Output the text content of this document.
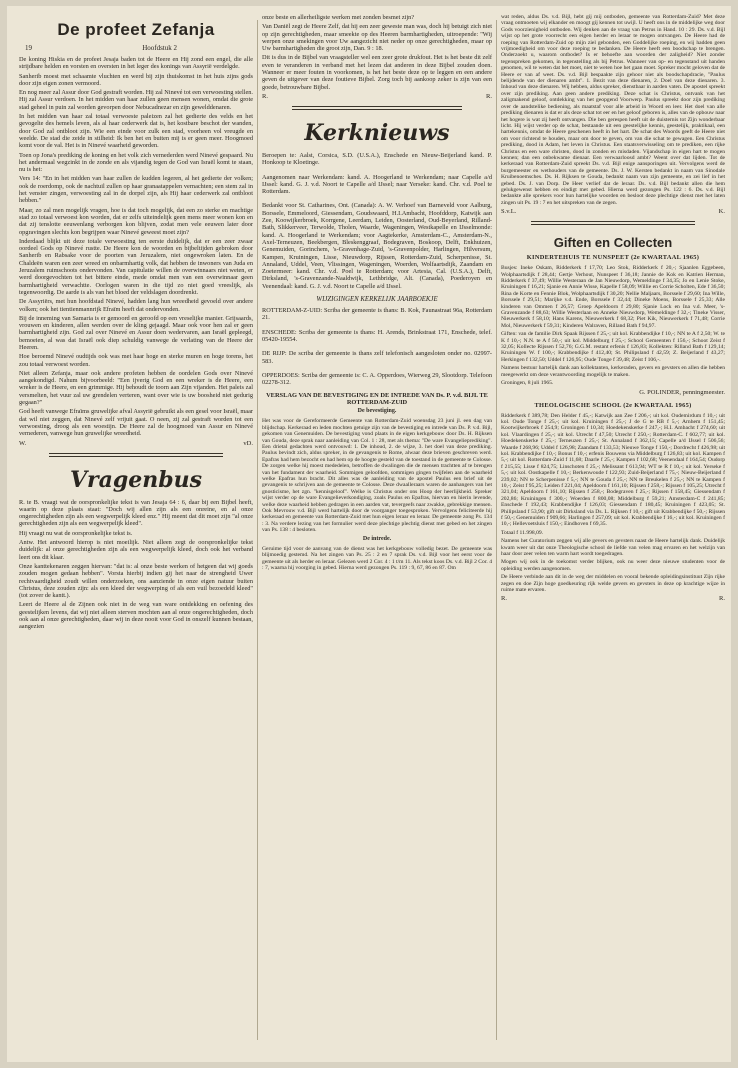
De profeet Zefanja
19	Hoofdstuk 2

De koning Hiskia en de profeet Jesaja baden tot de Heere en Hij zond een engel, die alle strijdbare helden en vorsten en oversten in het leger des konings van Assyrië verdelgde.

Sanherib moest met schaamte vluchten en werd bij zijn thuiskomst in het huis zijns gods door zijn eigen zonen vermoord.

En nog meer zal Assur door God gestraft worden. Hij zal Ninevé tot een verwoesting stellen. Hij zal Assur verdoen. In het midden van haar zullen geen mensen wonen, omdat die grote stad geheel in puin zal worden gevorpen door Nebucadnezar en zijn gewelddenaren.

In het midden van haar zal totaal verwoeste paleizen zal het gedierte des velds en het gevogelte des hemels leven, als al haar cederwerk dat is, het kostbare beschot der wanden, door God zal ontbloot zijn. Wie een einde voor zulk een stad, voorheen vol vreugde en weelde. De stad die zeide in stilheid: Ik ben het en buiten mij is er geen meer. Hoogmoed komt voor de val. Het is in Ninevé waarheid geworden.

Toen op Jona's prediking de koning en het volk zich vernederden werd Ninevé gespaard. Nu het andermaal wegzinkt in de zonde en als vijandig tegen de God van Israël komt te staan, nu is het:

Vers 14: "En in het midden van haar zullen de kudden legeren, al het gedierte der volken; ook de roerdomp, ook de nachtuil zullen op haar granaatappelen vernachten; een stem zal in het venster zingen, verwoesting zal in de dorpel zijn, als Hij haar cederwerk zal ontbloot hebben."

Maar, zo zal men mogelijk vragen, hoe is dat toch mogelijk, dat een zo sterke en machtige stad zo totaal verwoest kon worden, dat er zelfs uiteindelijk geen mens meer wonen kon en dat zij tenslotte eeuwenlang verborgen kon blijven, zodat men vele eeuwen later door opgravingen slechts kon begrijpen waar Ninevé geweest moet zijn?

Inderdaad blijkt uit deze totale verwoesting ten eerste duidelijk, dat er een zeer zwaar oordeel Gods op Ninevé rustte. De Heere kon de woorden en bijbeltijden gebroken door Sanherib en Rabsake voor de poorten van Jeruzalem, niet ongewroken laten. En de Chaldeën waren een zeer wreed en onbarmhartig volk, dat hebben de inwoners van Juda en Jeruzalem ruimschoots ondervonden. Van capitulatie willen de overwinnaars niet weten, er werd doorgevochten tot het bittere einde, mede omdat men van een overwinnaar geen barmhartigheid verwachtte. Oorlogen waren in die tijd zo niet goed vreeslijk, als tegenwoordig. De aarde is als van het bloed der veldslagen doordrenkt.

De Assyriërs, met hun hoofdstad Ninevé, hadden lang hun wreedheid gevoeld over andere volken; ook het tientienmannrijk Efraïm heeft dat ondervonden.

Bij de inneming van Samaria is er gemoord en geroofd op een vreselijke manier. Grijsaards, vrouwen en kinderen, allen werden over de kling gejaagd. Maar ook voor hen zal er geen barmhartigheid zijn. God zal over Ninevé en Assur doen wedervaren, aan Israël gepleegd, bemoeien, al was dat Israël ook diep schuldig vanwege de verlating van de Heere der Heeren.

Hoe beroemd Ninevé oudtijds ook was met haar hoge en sterke muren en hoge torens, het zou totaal verwoest worden.

Niet alleen Zefanja, maar ook andere profeten hebben de oordelen Gods over Ninevé aangekondigd. Nahum bijvoorbeeld: "Een ijverig God en een wreker is de Heere, een wreker is de Heere, en een grimmige. Hij behoudt de toorn aan Zijn vijanden. Het paleis zal versmelten, het vuur zal uw grendelen verteren, want over wie is uw boosheid niet gedurig gegaan?"

God heeft vanwege Efraïms gruwelijke afval Assyrië gebruikt als een gesel voor Israël, maar dat wil niet zeggen, dat Ninevé zelf vrijuit gaat. O neen, zij zal gestraft worden tot een verwoesting, droog als een woestijn. De Heere zal de hoogmoed van Assur en Ninevé vernederen, vanwege hun gruwelijke wreedheid.

W.	vD.
Vragenbus

R. te B. vraagt wat de oorspronkelijke tekst is van Jesaja 64 : 6, daar bij een Bijbel heeft, waarin op deze plaats staat: "Doch wij allen zijn als een onreine, en al onze ongerechtigheden zijn als een wegwerpelijk kleed enz." Hij meent dat dit moet zijn "al onze gerechtigheden zijn als een wegwerpelijk kleed".

Hij vraagt nu wat de oorspronkelijke tekst is.

Antw. Het antwoord hierop is niet moeilijk. Niet alleen zegt de oorspronkelijke tekst duidelijk: al onze gerechtigheden zijn als een wegwerpelijk kleed, doch ook het verband leert ons dit klaar.

Onze kanttekenaren zeggen hiervan: "dat is: al onze beste werken of hetgeen dat wij goeds zouden mogen gedaan hebben". Vorsta hierbij indien gij het naar de strengheid Uwer rechtvaardigheid zoudt willen onderzoeken, ons aanziende in onze eigen natuur buiten Christus, deze zouden zijn: als een kleed der wegwerping of als een vuil bezoedeld kleed" (tot zover de kantt.).

Leert de Heere al de Zijnen ook niet in de weg van ware ontdekking en oefening des geestelijken levens, dat wij niet alleen sterven mochten aan al onze ongerechtigheden, doch ook aan al onze gerechtigheden, daar wij in deze nooit voor God in onszelf kunnen bestaan, aangezien

onze beste en allerheiligste werken met zonden besmet zijn?

Van Daniël zegt de Heere Zelf, dat hij een zeer geweste man was, doch hij betuigt zich niet op zijn gerechtigheden, maar smeekte op des Heeren barmhartigheden, uitroepende: "Wij werpen onze smekingen voor Uw aangezicht niet neder op onze gerechtigheden, maar op Uw barmhartigheden die groot zijn, Dan. 9 : 18.

Dit is dus in de Bijbel van vraagsteller wel een zeer grote drukfout. Het is het beste dit zelf even te veranderen in verband met het lezen dat anderen in deze Bijbel zouden doen. Wanneer er meer fouten in voorkomen, is het het beste deze op te leggen en een andere geven de uitgever van deze foutieve Bijbel. Zorg toch bij aankoop zeker is zijn van een goede, betrouwbare Bijbel.

R.	R.
Kerknieuws

Beroepen te: Aalst, Corsica, S.D. (U.S.A.), Enschede en Nieuw-Beijerland kand. P. Honkoop te Kloetinge.

Aangenomen naar Werkendam: kand. A. Hoogerland te Werkendam; naar Capelle a/d IJssel: kand. G. J. v.d. Noort te Capelle a/d IJssel; naar Yerseke: kand. Chr. v.d. Poel te Rotterdam.

Bedankt voor St. Catharines, Ont. (Canada): A. W. Verhoef van Barneveld voor Aalburg, Borssele, Emmeloord, Giessendam, Goudswaard, H.I.Ambacht, Hoofddorp, Katwijk aan Zee, Koowijkerbroek, Korrgene, Leerdam, Leiden, Oosterland, Oud-Beyerland, Rilland-Bath, Slikkerveer, Terwolde, Tholen, Waarde, Wageningen, Westkapelle en IJsselmonde: kand. A. Hoogerland te Werkendam; voor Aagtekerke, Amsterdam-C., Amsterdam-N., Axel-Terneuzen, Beekbergen, Bleskenggraaf, Bodegraven, Boskoop, Delft, Enkhuizen, Genemuiden, Gorinchem, 's-Gravenhage-Zuid, 's-Gravenpolder, Harlingen, Hilversum, Kampen, Kruiningen, Lisse, Nieuwdorp, Rijssen, Rotterdam-Zuid, Scherpenisse, St. Annaland, Uddel, Veen, Vlissingen, Wageningen, Woerden, Wolfaartsdijk, Zaandam en Zoetermeer: kand. Chr. v.d. Poel te Rotterdam; voor Artesia, Cal. (U.S.A.), Delft, Dirksland, 's-Gravenzande-Naaldwijk, Lethbridge, Alt. (Canada), Poederoyen en Veenendaal: kand. G. J. v.d. Noort te Capelle a/d IJssel.

WIJZIGINGEN KERKELIJK JAARBOEKJE

ROTTERDAM-Z-UID: Scriba der gemeente is thans: B. Kok, Faunastraat 96a, Rotterdam 21.

ENSCHEDE: Scriba der gemeente is thans: H. Arends, Brinkstraat 171, Enschede, telef. 05420-19554.

DE RIJP: De scriba der gemeente is thans zelf telefonisch aangesloten onder no. 02997-583.

OPPERDOES: Scriba der gemeente is: C. A. Opperdoes, Wierweg 29, Slootdorp. Telefoon 02278-312.

VERSLAG VAN DE BEVESTIGING EN DE INTREDE VAN Ds. P. v.d. BIJL TE ROTTERDAM-ZUID
De bevestiging.

Het was voor de Gereformeerde Gemeente van Rotterdam-Zuid woensdag 23 juni jl. een dag van blijdschap. Kerkeraad en leden mochten getuige zijn van de bevestiging en intrede van Ds. P. v.d. Bijl, gekomen van Genemuiden. De bevestiging vond plaats in de eigen kerkgebouw door Ds. H. Rijksen van Gouda, deze sprak naar aanleiding van Col. 1 : 28, met als thema: "De ware Evangelieprediking". Een drietal gedachten werd ontvouwd: 1. De inhoud, 2. de wijze, 3. het doel van deze prediking. Paulus bevindt zich, aldus spreker, in de gevangenis te Rome, alwaar deze brieven geschreven werd. Epafras had hem bezocht en had hem op de hoogte gesteld van de toestand in de gemeente te Colosse. De zorgen welke hij moest mededelen, betroffen de dwalingen die de mensen trachtten af te brengen van het fundament der waarheid. Sommigen geloofden, sommigen gingen twijfelen aan de waarheid welke Epafras hun bracht. Dit alles was de aanleiding van de apostel Paulus een brief uit de gevangenis te schrijven aan de gemeente te Colosse. Deze dwaalleraars waren de aanhangers van het gnosticisme, het zgn. "kennisgeloof". Welke is Christus onder ons Hoop der heerlijkheid. Spreker wijst verder op de ware Evangelieverkondiging, zoals Paulus en Epafras, hiervan en hierin levende, welke deze waarheid hebben gedragen in een aarden vat, tevergeefs naar zwakke, gebrekkige mensen. Ook Mevrouw v.d. Bijl werd hartelijk door de voorganger toegesproken. Vervolgens feliciteerde hij kerkeraad en gemeente van Rotterdam-Zuid met hun eigen leraar en leraar. De gemeente zong Ps. 134 : 3. Na verdere lezing van het formulier werd deze plechtige plechtig dienst met gebed en het zingen van Ps. 138 : 4 besloten.

De intrede.

Geruime tijd voor de aanvang van de dienst was het kerkgebouw volledig bezet. De gemeente was blijmoedig gestemd. Na het zingen van Ps. 25 : 2 en 7 sprak Ds. v.d. Bijl voor het eerst voor de gemeente uit als herder en leraar. Gelezen werd 2 Cor. 4 : 1 t/m 11. Als tekst koos Ds. v.d. Bijl 2 Cor. 4 : 7, waarna hij voorging in gebed. Hierna werd gezongen Ps. 119 : 9, 67, 86 en 87. Om

wat reden, aldus Ds. v.d. Bijl, hebt gij mij ontboden, gemeente van Rotterdam-Zuid? Met deze vraag ontmoeten wij elkander en moogt gij kennen tot uwijl. U heeft ons in de middelijke weg door Gods voorzienigheid ontboden. Wij denken aan de vraag van Petrus in Hand. 10 : 29. Ds. v.d. Bijl wijst op het grote voorrecht een eigen herder en leraar te mogen ontvangen. De Heere had de roeping van Rotterdam-Zuid op mijn ziel gebonden, een Goddelijke roeping, en wij hadden geen vrijmoedigheid om voor deze roeping te bedanken. De Heere heeft een boodschap te brengen. Onderzoekt u, waarom ontbodet? Is er behoefte aan woorden der zaligheid? Niet zonder tegenspreken gekomen, in tegenstelling als bij Petrus. Wanneer van op- en tegenstand uit handen genomen, wil te weten dat het moet, niet te weten hoe het gaan moet. Spreker mocht geloven dat de Heere er van af weet. Ds. v.d. Bijl bespaakte zijn gehoor niet als boodschapdracie, "Paulus belijdende van der dienaren ambt". 1. Bezit van deze dienaren, 2. Doel van deze dienaren. 3. Inhoud van deze dienaren. Wij hebben, aldus spreker, dienstbaar in aarden vaten. De apostel spreekt over zijn prediking. Aan geen andere prediking. Deze schat is Christus, ontvank van het zaligmakend geloof, ontdekking van het geopgend Voorwerp. Paulus spreekt door zijn prediking over de aandstelike bediening, als maatstaf voor alle arbeid in Woord en leer. Het doel van alle prediking dienaren is dat er als deze schat tot eer en het geloof geboren is, alles van de opbouw naar het hogere is wat zij heeft ontvangen. Die ben gerespen heeft uit de duisternis tot Zijn wonderbaar licht. Hij wijst verder op de schat, bestaande uit een geestelijke kennis, geestelijk, praktikaal, een hartekennis, omdat de Heere geschenen heeft in het hart. De schat des Woords geeft de Heere niet om voor richtend te houden, maar om door te geven, om van die schat te gewagen. Een Christus prediking, dood in Adam, het leven in Christus. Een staatsverwisseling om te prediken, een rijke Christus en een ware christen, dood in zonden en misdaden. Vijandschap in eigen hart te mogen kennen; dan een onbekwame dienaar. Een verwaarloosd ambt? Weent over dat lijden. Tot de kerkeraad van Rotterdam-Zuid spreekt Ds. v.d. Bijl enige aansporingen uit. Vervolgens werd de burgemeester en wethouders van de gemeente. Ds. J. W. Kersten bedankt in naam van Sinodale Kruibenoemsches. Ds. H. Rijksen te Gouda, bedankt naam van zijn gemeente, en zei lief in het gebed. Ds. J. van Dorp. De Heer verlief dat de leraar. Ds. v.d. Bijl bedankt allen die hem gelukgewenst hebben en eindigt met gebed. Hierna werd gezongen Ps. 122 : 6. Ds. v.d. Bijl bedankte alle sprekers voor hun hartelijke woorden en besloot deze plechtige dienst met het laten zingen uit Ps. 19 : 7 en het uitspreken van de zegen.

S.v.L.	K.
Giften en Collecten
KINDERTEHUIS TE NUNSPEET (2e KWARTAAL 1965)

Busjes: Ineke Oskam, Ridderkerk f 17,70; Leo Stok, Ridderkerk f 20,-; Sjaanlen Eggebeen, Wolphaartsdijk f 28,44; Gertje Verhout, Nunspeet f 36,18; Jannie de Kok en Katrien Herman, Ridderkerk f 37,49; Willie Westeraan de Jan Nieuwdorp, Wemeldinge f 34,35; Jo en Lenie Stoke, Kruiningen f 16,21; Sjanie en Annie Wisse, Kapelle f 58,09; Willie en Corrie Scholten, Ede f 36,50; Rina de Korte en Fennie Blok, Wolphaartsdijk f 30,20; Nellie Maljaars, Borssele f 29,60; Ina Wille, Borssele f 29,51; Marijke v.d. Ende, Borssele f 32,44; Dineke Moens, Borssele f 25,33; Alle kinderen van Ommen f 26,57; Groep Apeldoorn f 29,80; Sjanie Lock en Ina v.d. Meer, 's-Gravenzande f 88,63; Willie Westerlaan en Anneke Nieuwdorp, Wemeldinge f 32,-; Tineke Visser, Nieuwerkerk f 58,10; Hans Karens, Nieuwerkerk f 68,32; Piet Kik, Nieuwerkerk f 71,48; Corrie Mol, Nieuwerkerk f 59,31; Kinderen Walraven, Rilland Bath f 94,97.

Giften: van de familie Dirk Spaak Rijssen f 25,-; uit kol. Krabbendijke f 10,-; NN te A f 2,50; W. te K f 10,-; N.N. te A f 50,-; uit kol. Middelburg f 25,-; School Gemeenten f 156,-; Schoot Zeist f 32,05; Kollecte Rijssen f 52,76; G.G.M. restant erfenis f 126,83; Kollekten: Rilland Bath f 129,14; Kruiningen W. f 100,-; Krabbendijke f 412,40; St. Philipsland f 42,59; Z. Beijerland f 43,27; Herkingen f 132,50; Uddel f 126,95; Oude Tonge f 39,48; Zeist f 106,-.

Namens bestuur hartelijk dank aan kollektanten, kerkeraden, gevers en gevsters en allen die hebben meegewerkt om deze verantwoording mogelijk te maken.

Groningen, 8 juli 1965.

G. POLINDER, penningmeester.
THEOLOGISCHE SCHOOL (2e KWARTAAL 1965)

Ridderkerk f 389,78; Den Helder f 45,-; Katwijk aan Zee f 206,-; uit kol. Oudemirdum f 10,-; uit kol. Oude Tonge f 25,-; uit kol. Kruiningen f 25,-; J de G te RB f 5,-; Arnhem f 151,45; Kootwijkerbroek f 254,9; Groningen f 10,34; Hoedekenskerke f 247,-; H.I. Ambacht f 274,60; uit kol. Vlaardingen f 25,-; uit kol. Utrecht f 47,50; Utrecht f 250,-; Rotterdam-C. f 602,77; uit kol. Hoedekenskerke f 25,-; Terneuzen f 25,-; St. Annaland f 362,15; Capelle a/d IJssel f 506,56; Waarde f 268,96; Uddel f 126,98; Zaandam f 133,53; Nieuwe Tonge f 150,-; Dordrecht f 426,98; uit kol. Krabbendijke f 10,-; Bonus f 10,-; erfenis Bouwens via Middelburg f 126,83; uit kol. Kampen f 5,-; uit kol. Rotterdam-Zuid f 11,68; Daarle f 25,-; Kampen f 102,68; Veenendaal f 164,54; Oudorp f 215,55; Lisse f 824,75; Linschoten f 25,-; Melissant f 613,94; WT te R f 10,-; uit kol. Yerseke f 5,-; uit kol. Oostkapelle f 10,-; Berkenwoude f 122,93; Zuid-Beijerland f 75,-; Nieuw-Beijerland f 239,02; NN te Scherpenisse f 5,-; NN te Gouda f 25,-; NN te Breukelen f 25,-; NN te Kampen f 10,-; Zeist f 95,25; Leiden f 221,04; Apeldoorn f 161,10; Rijssen f 258,-; Rijssen f 105,25; Utrecht f 321,04; Apeldoorn f 161,10; Rijssen f 258,-; Bodegraven f 25,-; Rijssen f 158,45; Giessendam f 202,86; Kruiningen f 300,-; Woerden f 800,08; Middelburg f 59,21; Amsterdam-C f 241,85; Enschede f 192,43; Krabbendijke f 126,03; Giessendam f 180,45; Kruiningen f 423,05; St. Philipsland f 53,90; gift uit Dirksland via Ds. L. Rijksen f 10,-; gift uit Krabbendijke f 50,-; Rijssen f 50,-; Genemuiden f 909,66; Harlingen f 257,09; uit kol. Krabbendijke f 16,-; uit kol. Kruiningen f 10,-; Hellevoetsluis f 150,-; Eindhoven f 69,35.

Totaal f 11.998,09.

Namens het Curatorium zeggen wij alle gevers en gevsters naast de Heere hartelijk dank. Duidelijk kwam weer uit dat onze Theologische school de liefde van velen mag ervaren en het welzijn van haar door zeer velen ten warm hart wordt toegedragen.

Mogen wij ook in de toekomst verder blijken, ook nu weer deze nieuwe studenten voor de opleiding werden aangenomen.

De Heere verbinde aan dit in de weg der middelen en vooral bekende opleidingsinstituut Zijn rijke zegen en doe Zijn hoge goedkeuring rijk welde gevers en gevsters in deze op krachtige wijze in ruime mate ervaren.

R.	R.
